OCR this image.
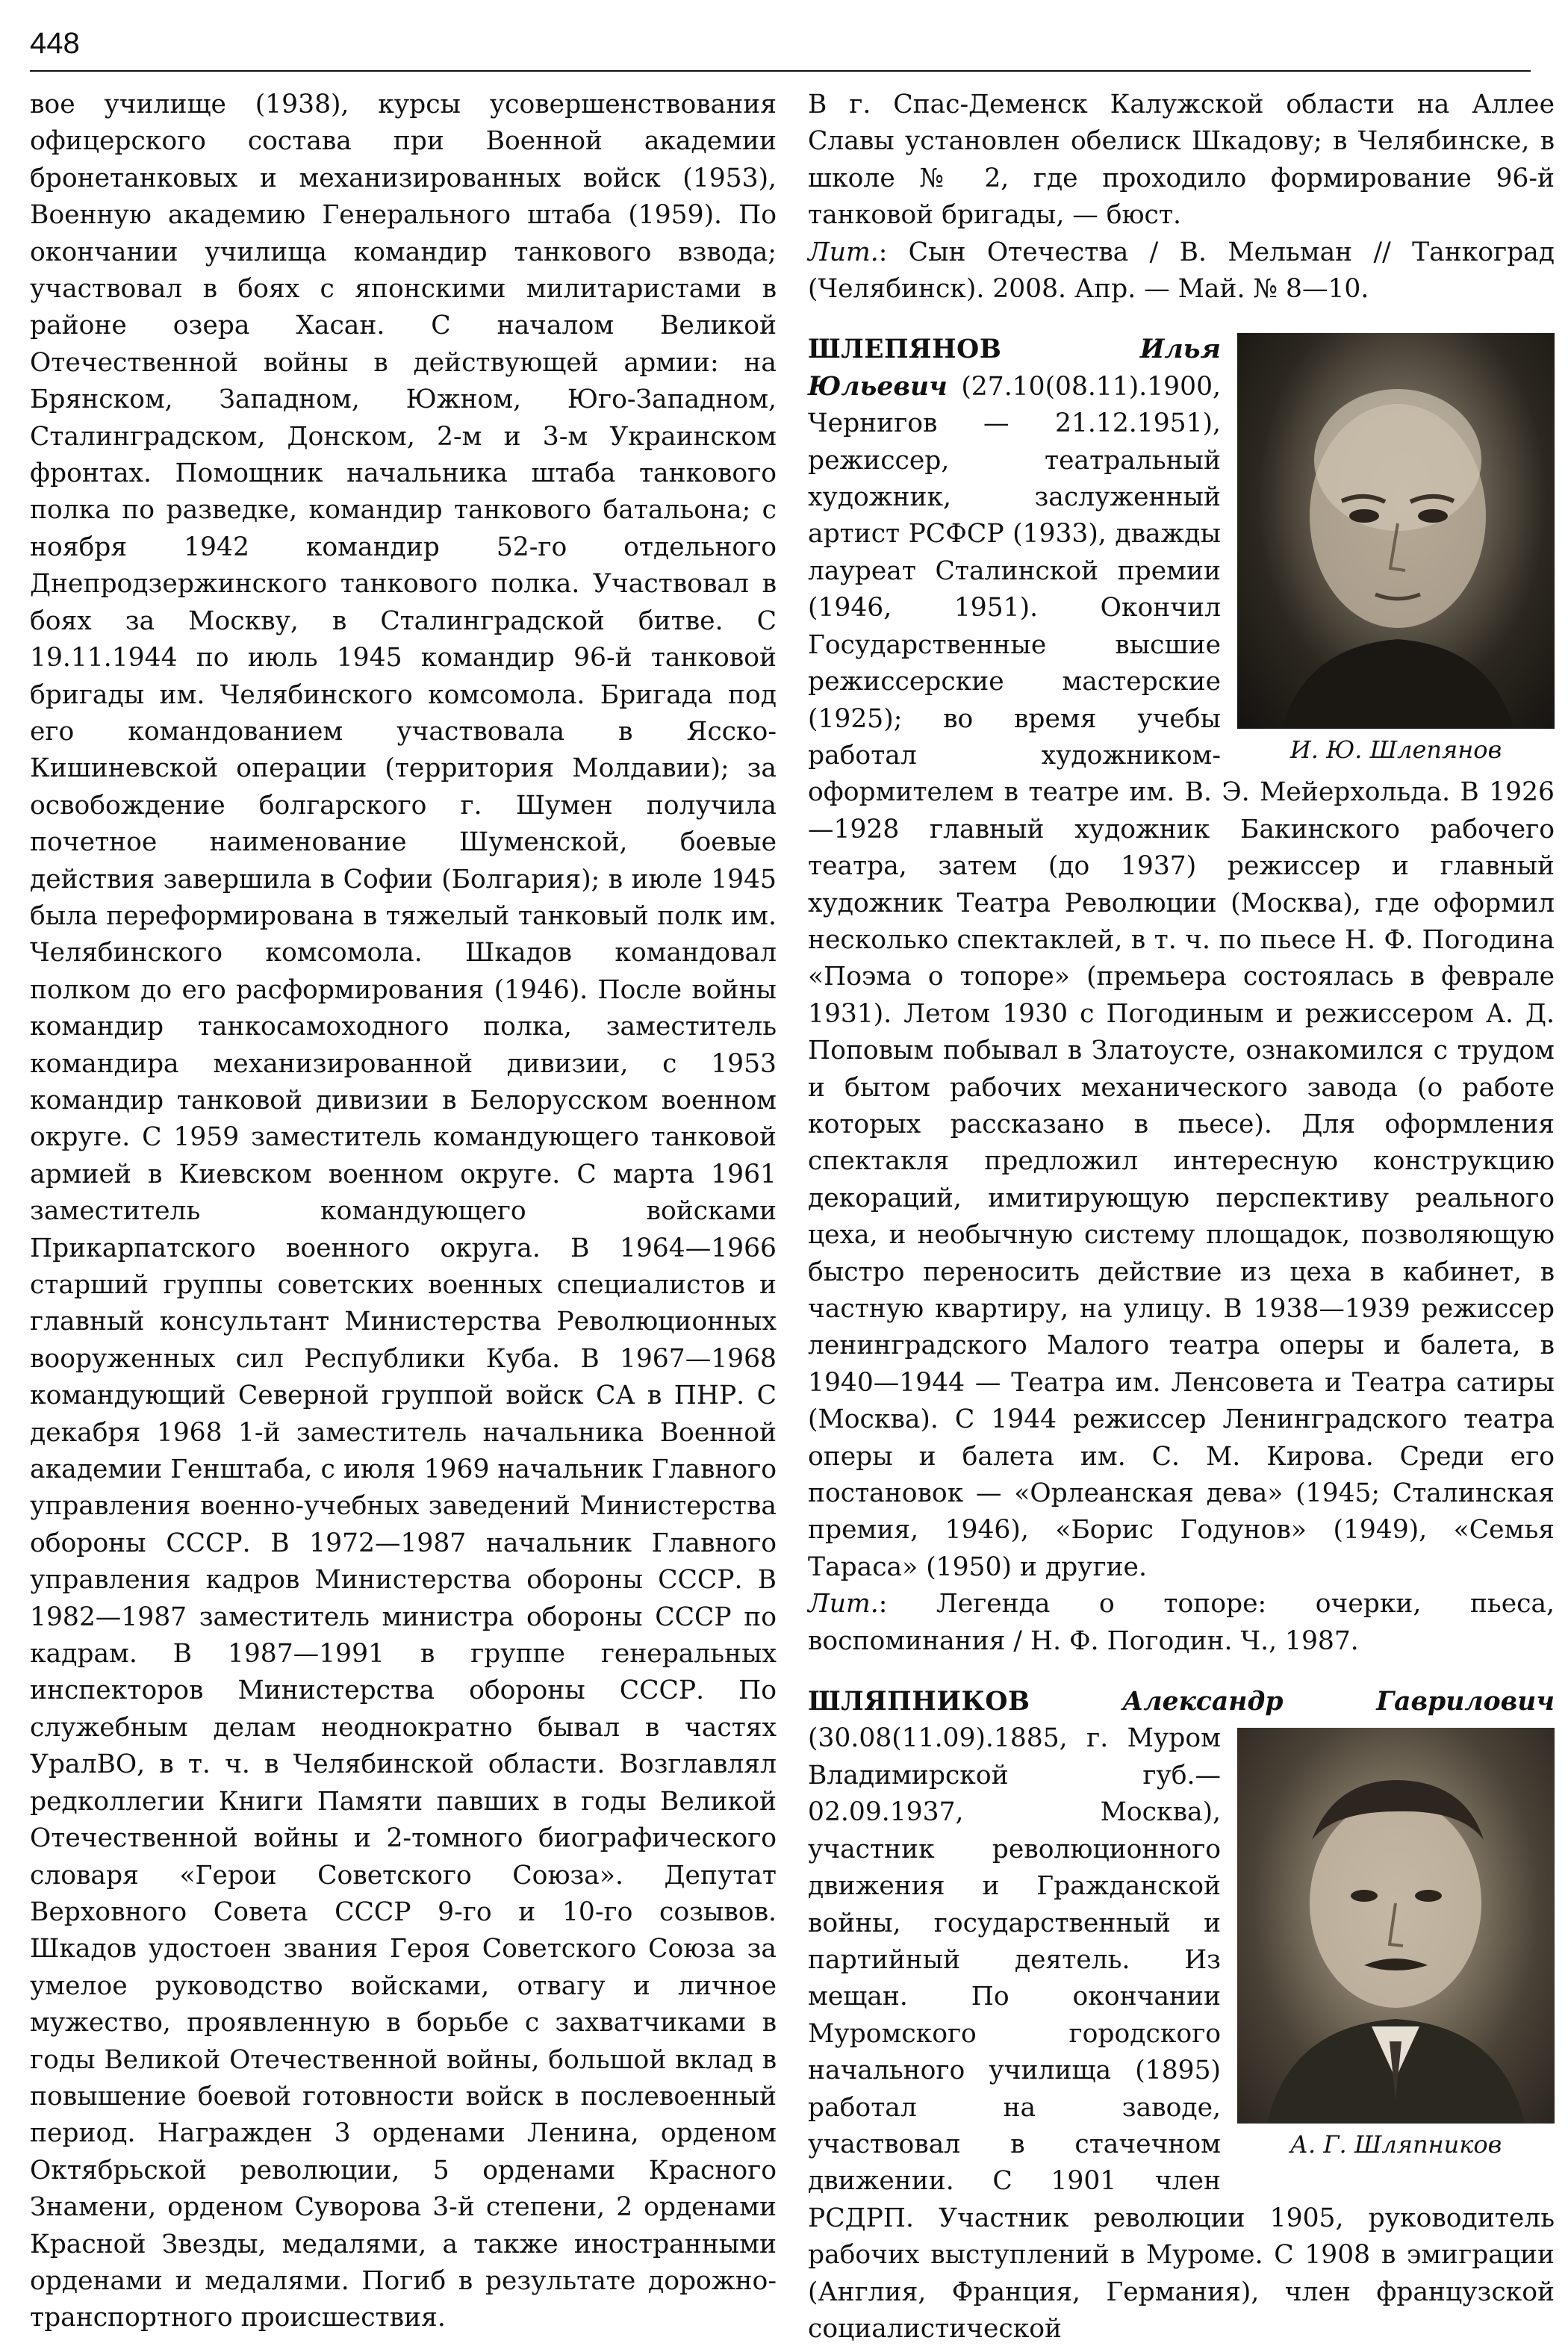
448

вое училище (1938), курсы усовершенствования офицерского состава при Военной академии бронетанковых и механизированных войск (1953), Военную академию Генерального штаба (1959). По окончании училища командир танкового взвода; участвовал в боях с японскими милитаристами в районе озера Хасан. С началом Великой Отечественной войны в действующей армии: на Брянском, Западном, Южном, Юго-Западном, Сталинградском, Донском, 2-м и 3-м Украинском фронтах. Помощник начальника штаба танкового полка по разведке, командир танкового батальона; с ноября 1942 командир 52-го отдельного Днепродзержинского танкового полка. Участвовал в боях за Москву, в Сталинградской битве. С 19.11.1944 по июль 1945 командир 96-й танковой бригады им. Челябинского комсомола. Бригада под его командованием участвовала в Ясско-Кишиневской операции (территория Молдавии); за освобождение болгарского г. Шумен получила почетное наименование Шуменской, боевые действия завершила в Софии (Болгария); в июле 1945 была переформирована в тяжелый танковый полк им. Челябинского комсомола. Шкадов командовал полком до его расформирования (1946). После войны командир танкосамоходного полка, заместитель командира механизированной дивизии, с 1953 командир танковой дивизии в Белорусском военном округе. С 1959 заместитель командующего танковой армией в Киевском военном округе. С марта 1961 заместитель командующего войсками Прикарпатского военного округа. В 1964—1966 старший группы советских военных специалистов и главный консультант Министерства Революционных вооруженных сил Республики Куба. В 1967—1968 командующий Северной группой войск СА в ПНР. С декабря 1968 1-й заместитель начальника Военной академии Генштаба, с июля 1969 начальник Главного управления военно-учебных заведений Министерства обороны СССР. В 1972—1987 начальник Главного управления кадров Министерства обороны СССР. В 1982—1987 заместитель министра обороны СССР по кадрам. В 1987—1991 в группе генеральных инспекторов Министерства обороны СССР. По служебным делам неоднократно бывал в частях УралВО, в т. ч. в Челябинской области. Возглавлял редколлегии Книги Памяти павших в годы Великой Отечественной войны и 2-томного биографического словаря «Герои Советского Союза». Депутат Верховного Совета СССР 9-го и 10-го созывов. Шкадов удостоен звания Героя Советского Союза за умелое руководство войсками, отвагу и личное мужество, проявленную в борьбе с захватчиками в годы Великой Отечественной войны, большой вклад в повышение боевой готовности войск в послевоенный период. Награжден 3 орденами Ленина, орденом Октябрьской революции, 5 орденами Красного Знамени, орденом Суворова 3-й степени, 2 орденами Красной Звезды, медалями, а также иностранными орденами и медалями. Погиб в результате дорожно-транспортного происшествия.

В г. Спас-Деменск Калужской области на Аллее Славы установлен обелиск Шкадову; в Челябинске, в школе № 2, где проходило формирование 96-й танковой бригады, — бюст.
Лит.: Сын Отечества / В. Мельман // Танкоград (Челябинск). 2008. Апр. — Май. № 8—10.

И. Ю. Шлепянов
ШЛЕПЯНОВ	Илья Юльевич (27.10(08.11).1900, Чернигов — 21.12.1951), режиссер, театральный художник, заслуженный артист РСФСР (1933), дважды лауреат Сталинской премии (1946, 1951). Окончил Государственные высшие режиссерские мастерские (1925); во время учебы работал художником-оформителем в театре им. В. Э. Мейерхольда. В 1926—1928 главный художник Бакинского рабочего театра, затем (до 1937) режиссер и главный художник Театра Революции (Москва), где оформил несколько спектаклей, в т. ч. по пьесе Н. Ф. Погодина «Поэма о топоре» (премьера состоялась в феврале 1931). Летом 1930 с Погодиным и режиссером А. Д. Поповым побывал в Златоусте, ознакомился с трудом и бытом рабочих механического завода (о работе которых рассказано в пьесе). Для оформления спектакля предложил интересную конструкцию декораций, имитирующую перспективу реального цеха, и необычную систему площадок, позволяющую быстро переносить действие из цеха в кабинет, в частную квартиру, на улицу. В 1938—1939 режиссер ленинградского Малого театра оперы и балета, в 1940—1944 — Театра им. Ленсовета и Театра сатиры (Москва). С 1944 режиссер Ленинградского театра оперы и балета им. С. М. Кирова. Среди его постановок — «Орлеанская дева» (1945; Сталинская премия, 1946), «Борис Годунов» (1949), «Семья Тараса» (1950) и другие.

Лит.: Легенда о топоре: очерки, пьеса, воспоминания / Н. Ф. Погодин. Ч., 1987.

ШЛЯПНИКОВ	Александр Гаврилович
А. Г. Шляпников
(30.08(11.09).1885, г. Муром Владимирской губ.— 02.09.1937, Москва), участник революционного движения и Гражданской войны, государственный и партийный деятель. Из мещан. По окончании Муромского городского начального училища (1895) работал на заводе, участвовал в стачечном движении. С 1901 член РСДРП. Участник революции 1905, руководитель рабочих выступлений в Муроме. С 1908 в эмиграции (Англия, Франция, Германия), член французской социалистической
